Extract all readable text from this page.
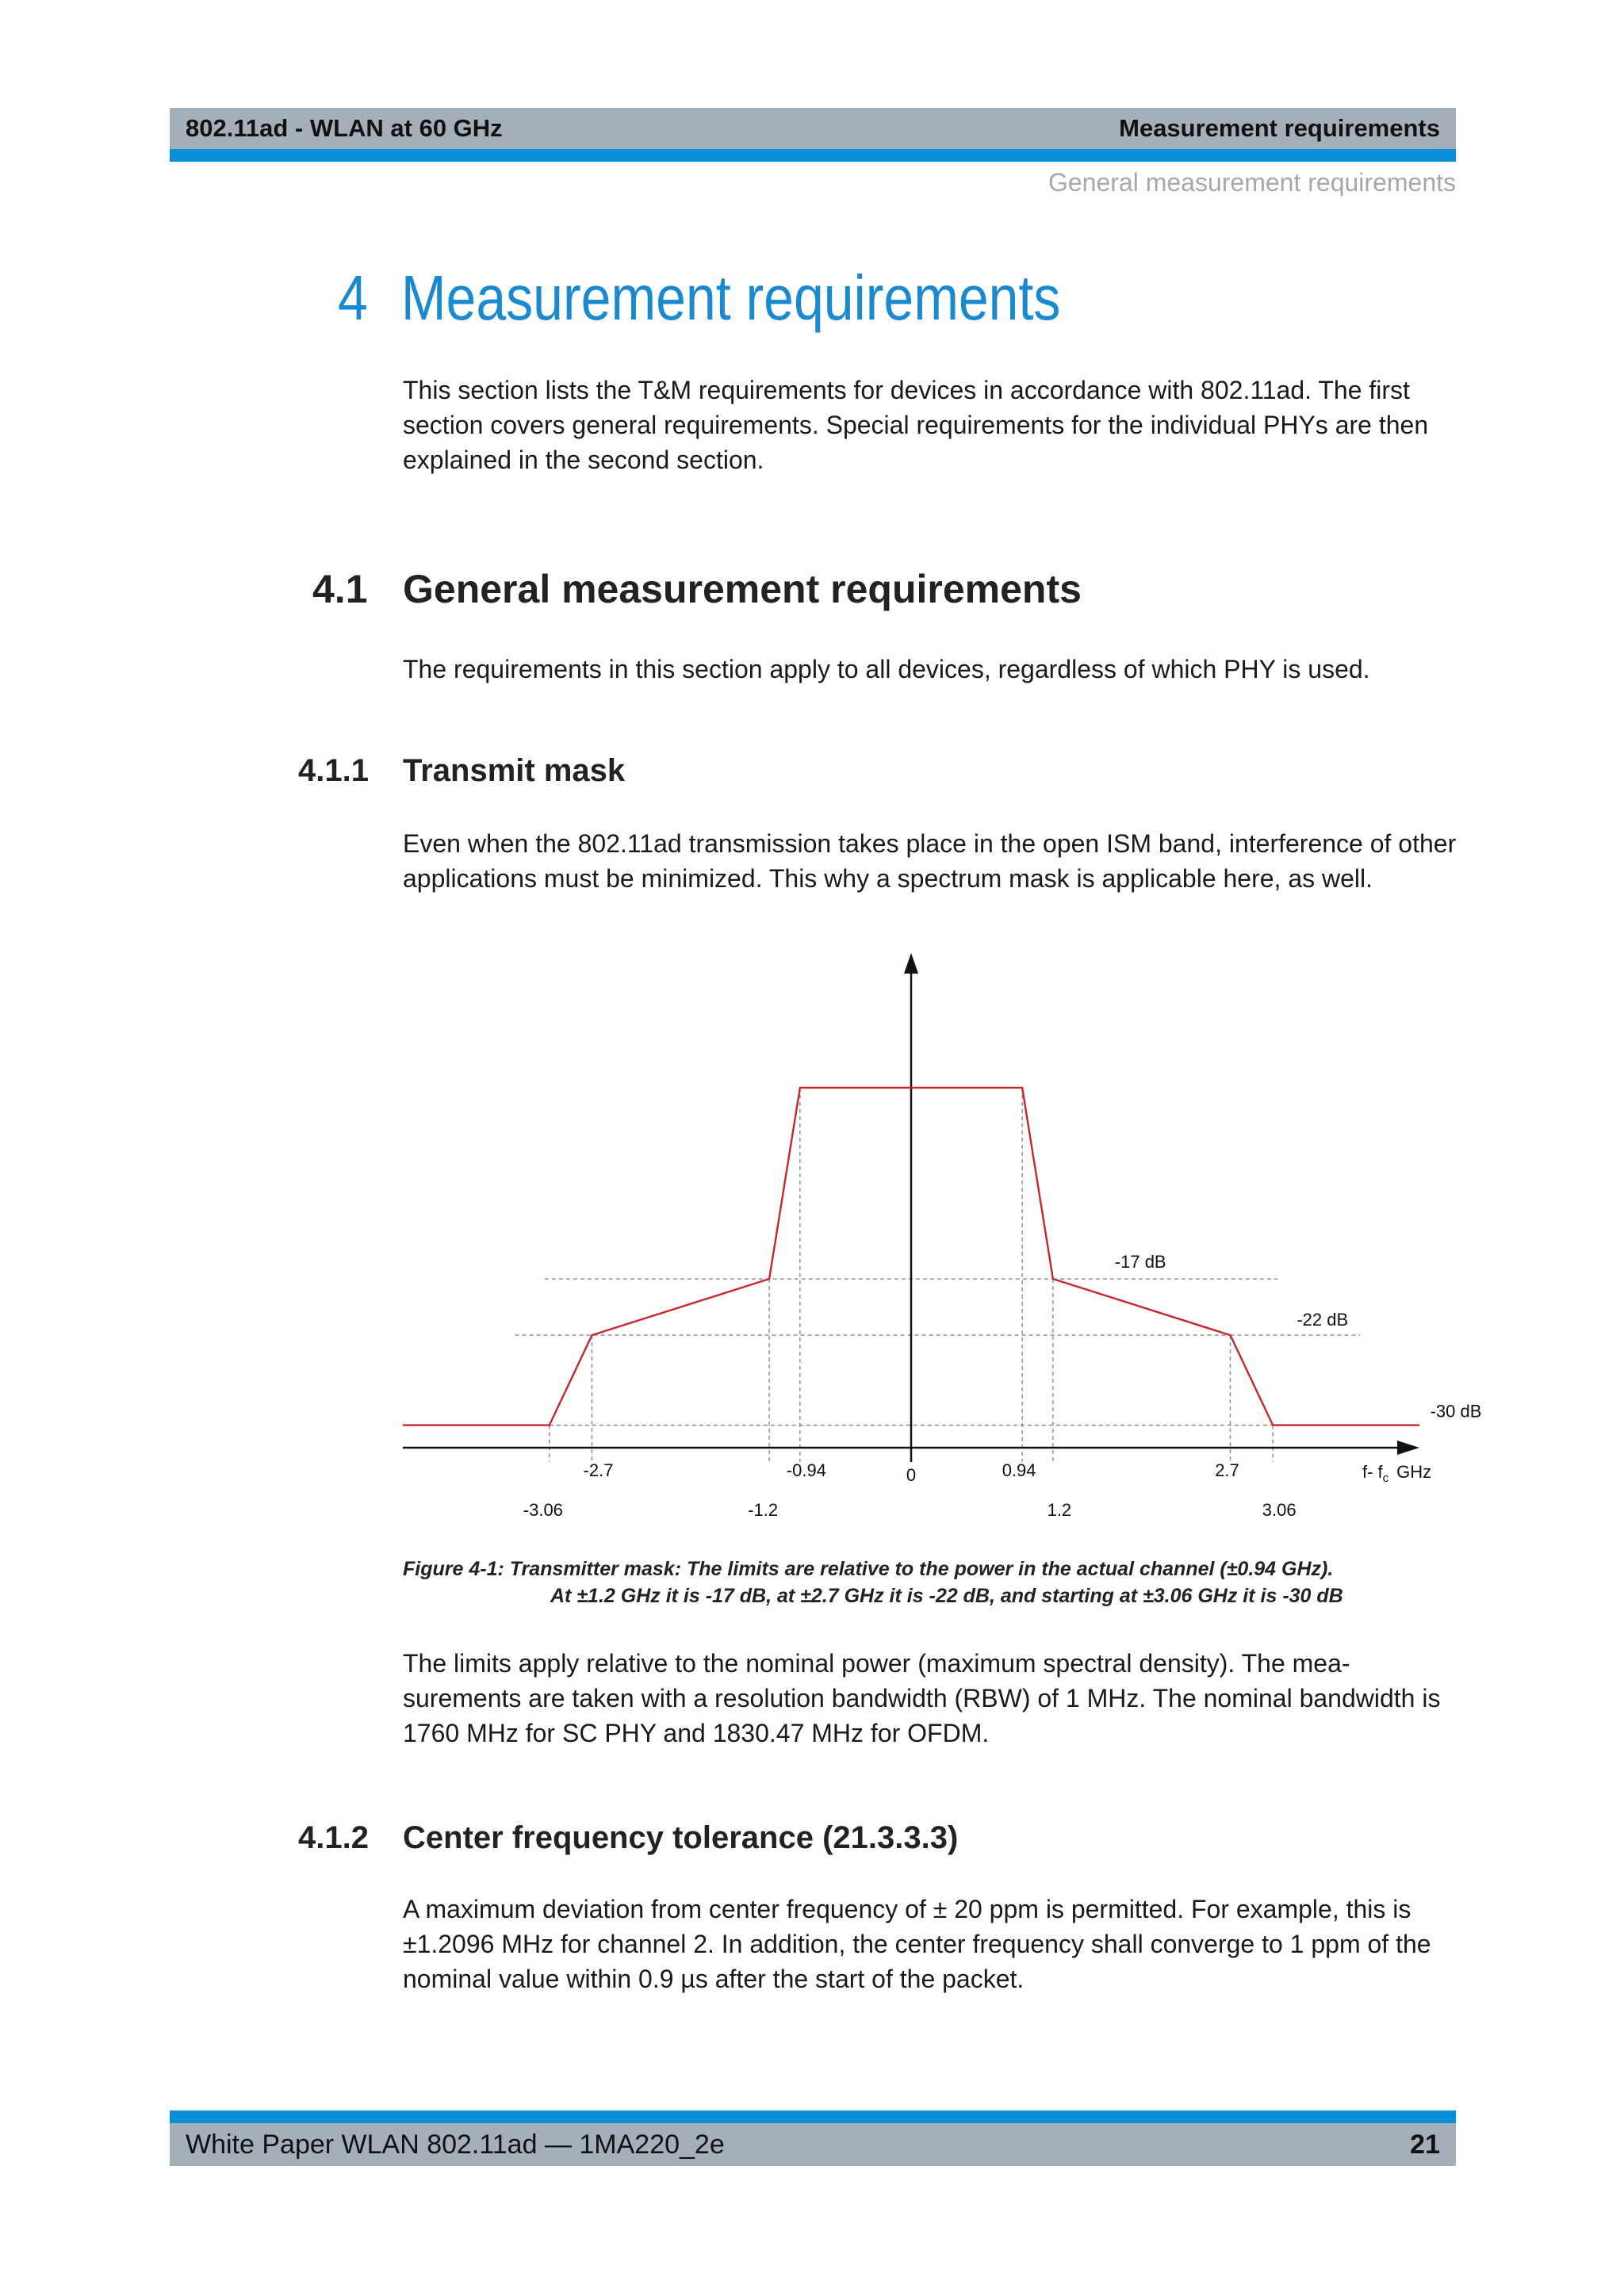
802.11ad - WLAN at 60 GHz	Measurement requirements
General measurement requirements
4 Measurement requirements

This section lists the T&M requirements for devices in accordance with 802.11ad. The first section covers general requirements. Special requirements for the individual PHYs are then explained in the second section.

4.1 General measurement requirements

The requirements in this section apply to all devices, regardless of which PHY is used.

4.1.1 Transmit mask

Even when the 802.11ad transmission takes place in the open ISM band, interference of other applications must be minimized. This why a spectrum mask is applicable here, as well.

-2.7	-0.94	0.94	2.7
-3.06	-1.2	1.2	3.06
0
-17 dB
-22 dB
-30 dB
f- $f_c$ GHz
Figure 4-1: Transmitter mask: The limits are relative to the power in the actual channel (±0.94 GHz).
At ±1.2 GHz it is -17 dB, at ±2.7 GHz it is -22 dB, and starting at ±3.06 GHz it is -30 dB

The limits apply relative to the nominal power (maximum spectral density). The measurements are taken with a resolution bandwidth (RBW) of 1 MHz. The nominal bandwidth is 1760 MHz for SC PHY and 1830.47 MHz for OFDM.

4.1.2 Center frequency tolerance (21.3.3.3)

A maximum deviation from center frequency of ± 20 ppm is permitted. For example, this is ±1.2096 MHz for channel 2. In addition, the center frequency shall converge to 1 ppm of the nominal value within 0.9 µs after the start of the packet.

White Paper WLAN 802.11ad ― 1MA220_2e	21
